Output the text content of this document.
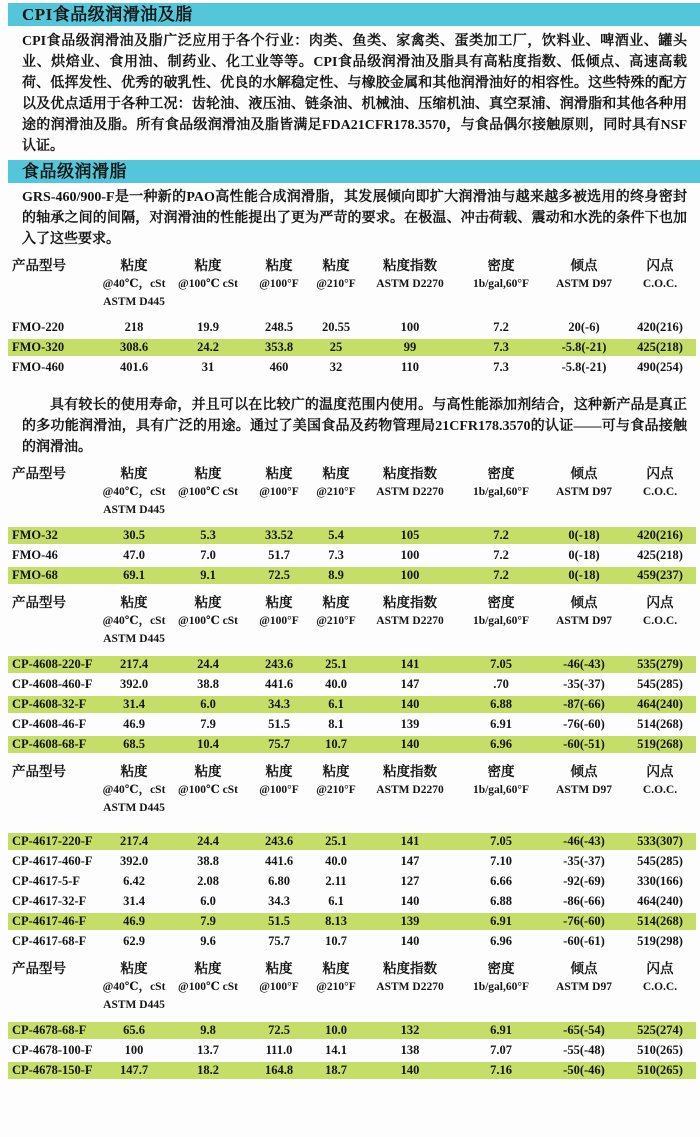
CPI食品级润滑油及脂

CPI食品级润滑油及脂广泛应用于各个行业：肉类、鱼类、家禽类、蛋类加工厂，饮料业、啤酒业、罐头业、烘焙业、食用油、制药业、化工业等等。CPI食品级润滑油及脂具有高粘度指数、低倾点、高速高载荷、低挥发性、优秀的破乳性、优良的水解稳定性、与橡胶金属和其他润滑油好的相容性。这些特殊的配方以及优点适用于各种工况：齿轮油、液压油、链条油、机械油、压缩机油、真空泵浦、润滑脂和其他各种用途的润滑油及脂。所有食品级润滑油及脂皆满足FDA21CFR178.3570，与食品偶尔接触原则，同时具有NSF认证。

食品级润滑脂

GRS-460/900-F是一种新的PAO高性能合成润滑脂，其发展倾向即扩大润滑油与越来越多被选用的终身密封的轴承之间的间隔，对润滑油的性能提出了更为严苛的要求。在极温、冲击荷载、震动和水洗的条件下也加入了这些要求。

产品型号	粘度	粘度	粘度	粘度	粘度指数	密度	倾点	闪点
	@40℃，cSt	@100℃ cSt	@100°F	@210°F	ASTM D2270	1b/gal,60°F	ASTM D97	C.O.C.
	ASTM D445							
FMO-220	218	19.9	248.5	20.55	100	7.2	20(-6)	420(216)
FMO-320	308.6	24.2	353.8	25	99	7.3	-5.8(-21)	425(218)
FMO-460	401.6	31	460	32	110	7.3	-5.8(-21)	490(254)

具有较长的使用寿命，并且可以在比较广的温度范围内使用。与高性能添加剂结合，这种新产品是真正的多功能润滑油，具有广泛的用途。通过了美国食品及药物管理局21CFR178.3570的认证——可与食品接触的润滑油。

产品型号	粘度	粘度	粘度	粘度	粘度指数	密度	倾点	闪点
	@40℃，cSt	@100℃ cSt	@100°F	@210°F	ASTM D2270	1b/gal,60°F	ASTM D97	C.O.C.
	ASTM D445							
FMO-32	30.5	5.3	33.52	5.4	105	7.2	0(-18)	420(216)
FMO-46	47.0	7.0	51.7	7.3	100	7.2	0(-18)	425(218)
FMO-68	69.1	9.1	72.5	8.9	100	7.2	0(-18)	459(237)
产品型号	粘度	粘度	粘度	粘度	粘度指数	密度	倾点	闪点
	@40℃，cSt	@100℃ cSt	@100°F	@210°F	ASTM D2270	1b/gal,60°F	ASTM D97	C.O.C.
	ASTM D445							
CP-4608-220-F	217.4	24.4	243.6	25.1	141	7.05	-46(-43)	535(279)
CP-4608-460-F	392.0	38.8	441.6	40.0	147	.70	-35(-37)	545(285)
CP-4608-32-F	31.4	6.0	34.3	6.1	140	6.88	-87(-66)	464(240)
CP-4608-46-F	46.9	7.9	51.5	8.1	139	6.91	-76(-60)	514(268)
CP-4608-68-F	68.5	10.4	75.7	10.7	140	6.96	-60(-51)	519(268)
产品型号	粘度	粘度	粘度	粘度	粘度指数	密度	倾点	闪点
	@40℃，cSt	@100℃ cSt	@100°F	@210°F	ASTM D2270	1b/gal,60°F	ASTM D97	C.O.C.
	ASTM D445							
CP-4617-220-F	217.4	24.4	243.6	25.1	141	7.05	-46(-43)	533(307)
CP-4617-460-F	392.0	38.8	441.6	40.0	147	7.10	-35(-37)	545(285)
CP-4617-5-F	6.42	2.08	6.80	2.11	127	6.66	-92(-69)	330(166)
CP-4617-32-F	31.4	6.0	34.3	6.1	140	6.88	-86(-66)	464(240)
CP-4617-46-F	46.9	7.9	51.5	8.13	139	6.91	-76(-60)	514(268)
CP-4617-68-F	62.9	9.6	75.7	10.7	140	6.96	-60(-61)	519(298)
产品型号	粘度	粘度	粘度	粘度	粘度指数	密度	倾点	闪点
	@40℃，cSt	@100℃ cSt	@100°F	@210°F	ASTM D2270	1b/gal,60°F	ASTM D97	C.O.C.
	ASTM D445							
CP-4678-68-F	65.6	9.8	72.5	10.0	132	6.91	-65(-54)	525(274)
CP-4678-100-F	100	13.7	111.0	14.1	138	7.07	-55(-48)	510(265)
CP-4678-150-F	147.7	18.2	164.8	18.7	140	7.16	-50(-46)	510(265)
